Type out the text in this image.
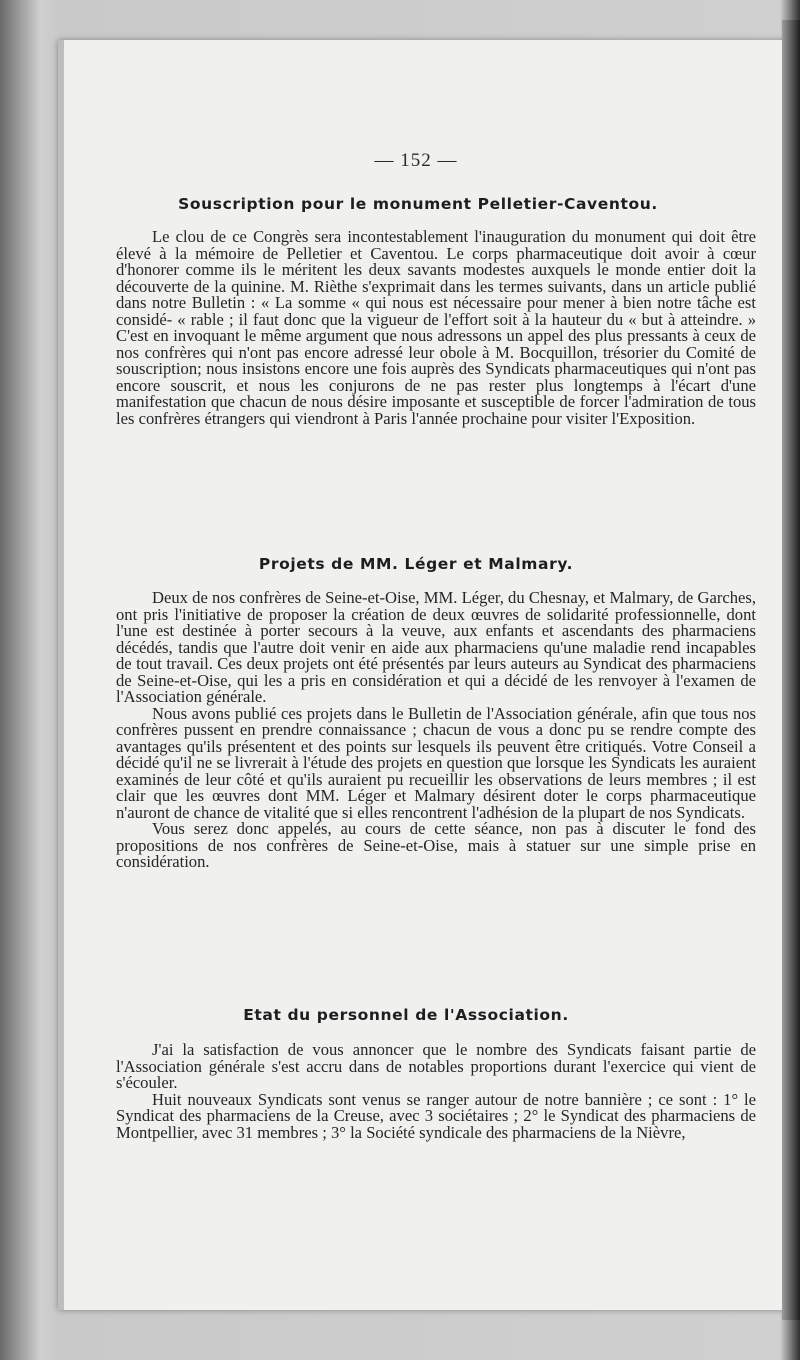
— 152 —
Souscription pour le monument Pelletier-Caventou.

Le clou de ce Congrès sera incontestablement l'inauguration du monument qui doit être élevé à la mémoire de Pelletier et Caventou. Le corps pharmaceutique doit avoir à cœur d'honorer comme ils le méritent les deux savants modestes auxquels le monde entier doit la découverte de la quinine. M. Rièthe s'exprimait dans les termes suivants, dans un article publié dans notre Bulletin : « La somme « qui nous est nécessaire pour mener à bien notre tâche est considé- « rable ; il faut donc que la vigueur de l'effort soit à la hauteur du « but à atteindre. » C'est en invoquant le même argument que nous adressons un appel des plus pressants à ceux de nos confrères qui n'ont pas encore adressé leur obole à M. Bocquillon, trésorier du Comité de souscription; nous insistons encore une fois auprès des Syndicats pharmaceutiques qui n'ont pas encore souscrit, et nous les conjurons de ne pas rester plus longtemps à l'écart d'une manifestation que chacun de nous désire imposante et susceptible de forcer l'admiration de tous les confrères étrangers qui viendront à Paris l'année prochaine pour visiter l'Exposition.

Projets de MM. Léger et Malmary.

Deux de nos confrères de Seine-et-Oise, MM. Léger, du Chesnay, et Malmary, de Garches, ont pris l'initiative de proposer la création de deux œuvres de solidarité professionnelle, dont l'une est destinée à porter secours à la veuve, aux enfants et ascendants des pharmaciens décédés, tandis que l'autre doit venir en aide aux pharmaciens qu'une maladie rend incapables de tout travail. Ces deux projets ont été présentés par leurs auteurs au Syndicat des pharmaciens de Seine-et-Oise, qui les a pris en considération et qui a décidé de les renvoyer à l'examen de l'Association générale.

Nous avons publié ces projets dans le Bulletin de l'Association générale, afin que tous nos confrères pussent en prendre connaissance ; chacun de vous a donc pu se rendre compte des avantages qu'ils présentent et des points sur lesquels ils peuvent être critiqués. Votre Conseil a décidé qu'il ne se livrerait à l'étude des projets en question que lorsque les Syndicats les auraient examinés de leur côté et qu'ils auraient pu recueillir les observations de leurs membres ; il est clair que les œuvres dont MM. Léger et Malmary désirent doter le corps pharmaceutique n'auront de chance de vitalité que si elles rencontrent l'adhésion de la plupart de nos Syndicats.

Vous serez donc appelés, au cours de cette séance, non pas à discuter le fond des propositions de nos confrères de Seine-et-Oise, mais à statuer sur une simple prise en considération.

Etat du personnel de l'Association.

J'ai la satisfaction de vous annoncer que le nombre des Syndicats faisant partie de l'Association générale s'est accru dans de notables proportions durant l'exercice qui vient de s'écouler.

Huit nouveaux Syndicats sont venus se ranger autour de notre bannière ; ce sont : 1° le Syndicat des pharmaciens de la Creuse, avec 3 sociétaires ; 2° le Syndicat des pharmaciens de Montpellier, avec 31 membres ; 3° la Société syndicale des pharmaciens de la Nièvre,
